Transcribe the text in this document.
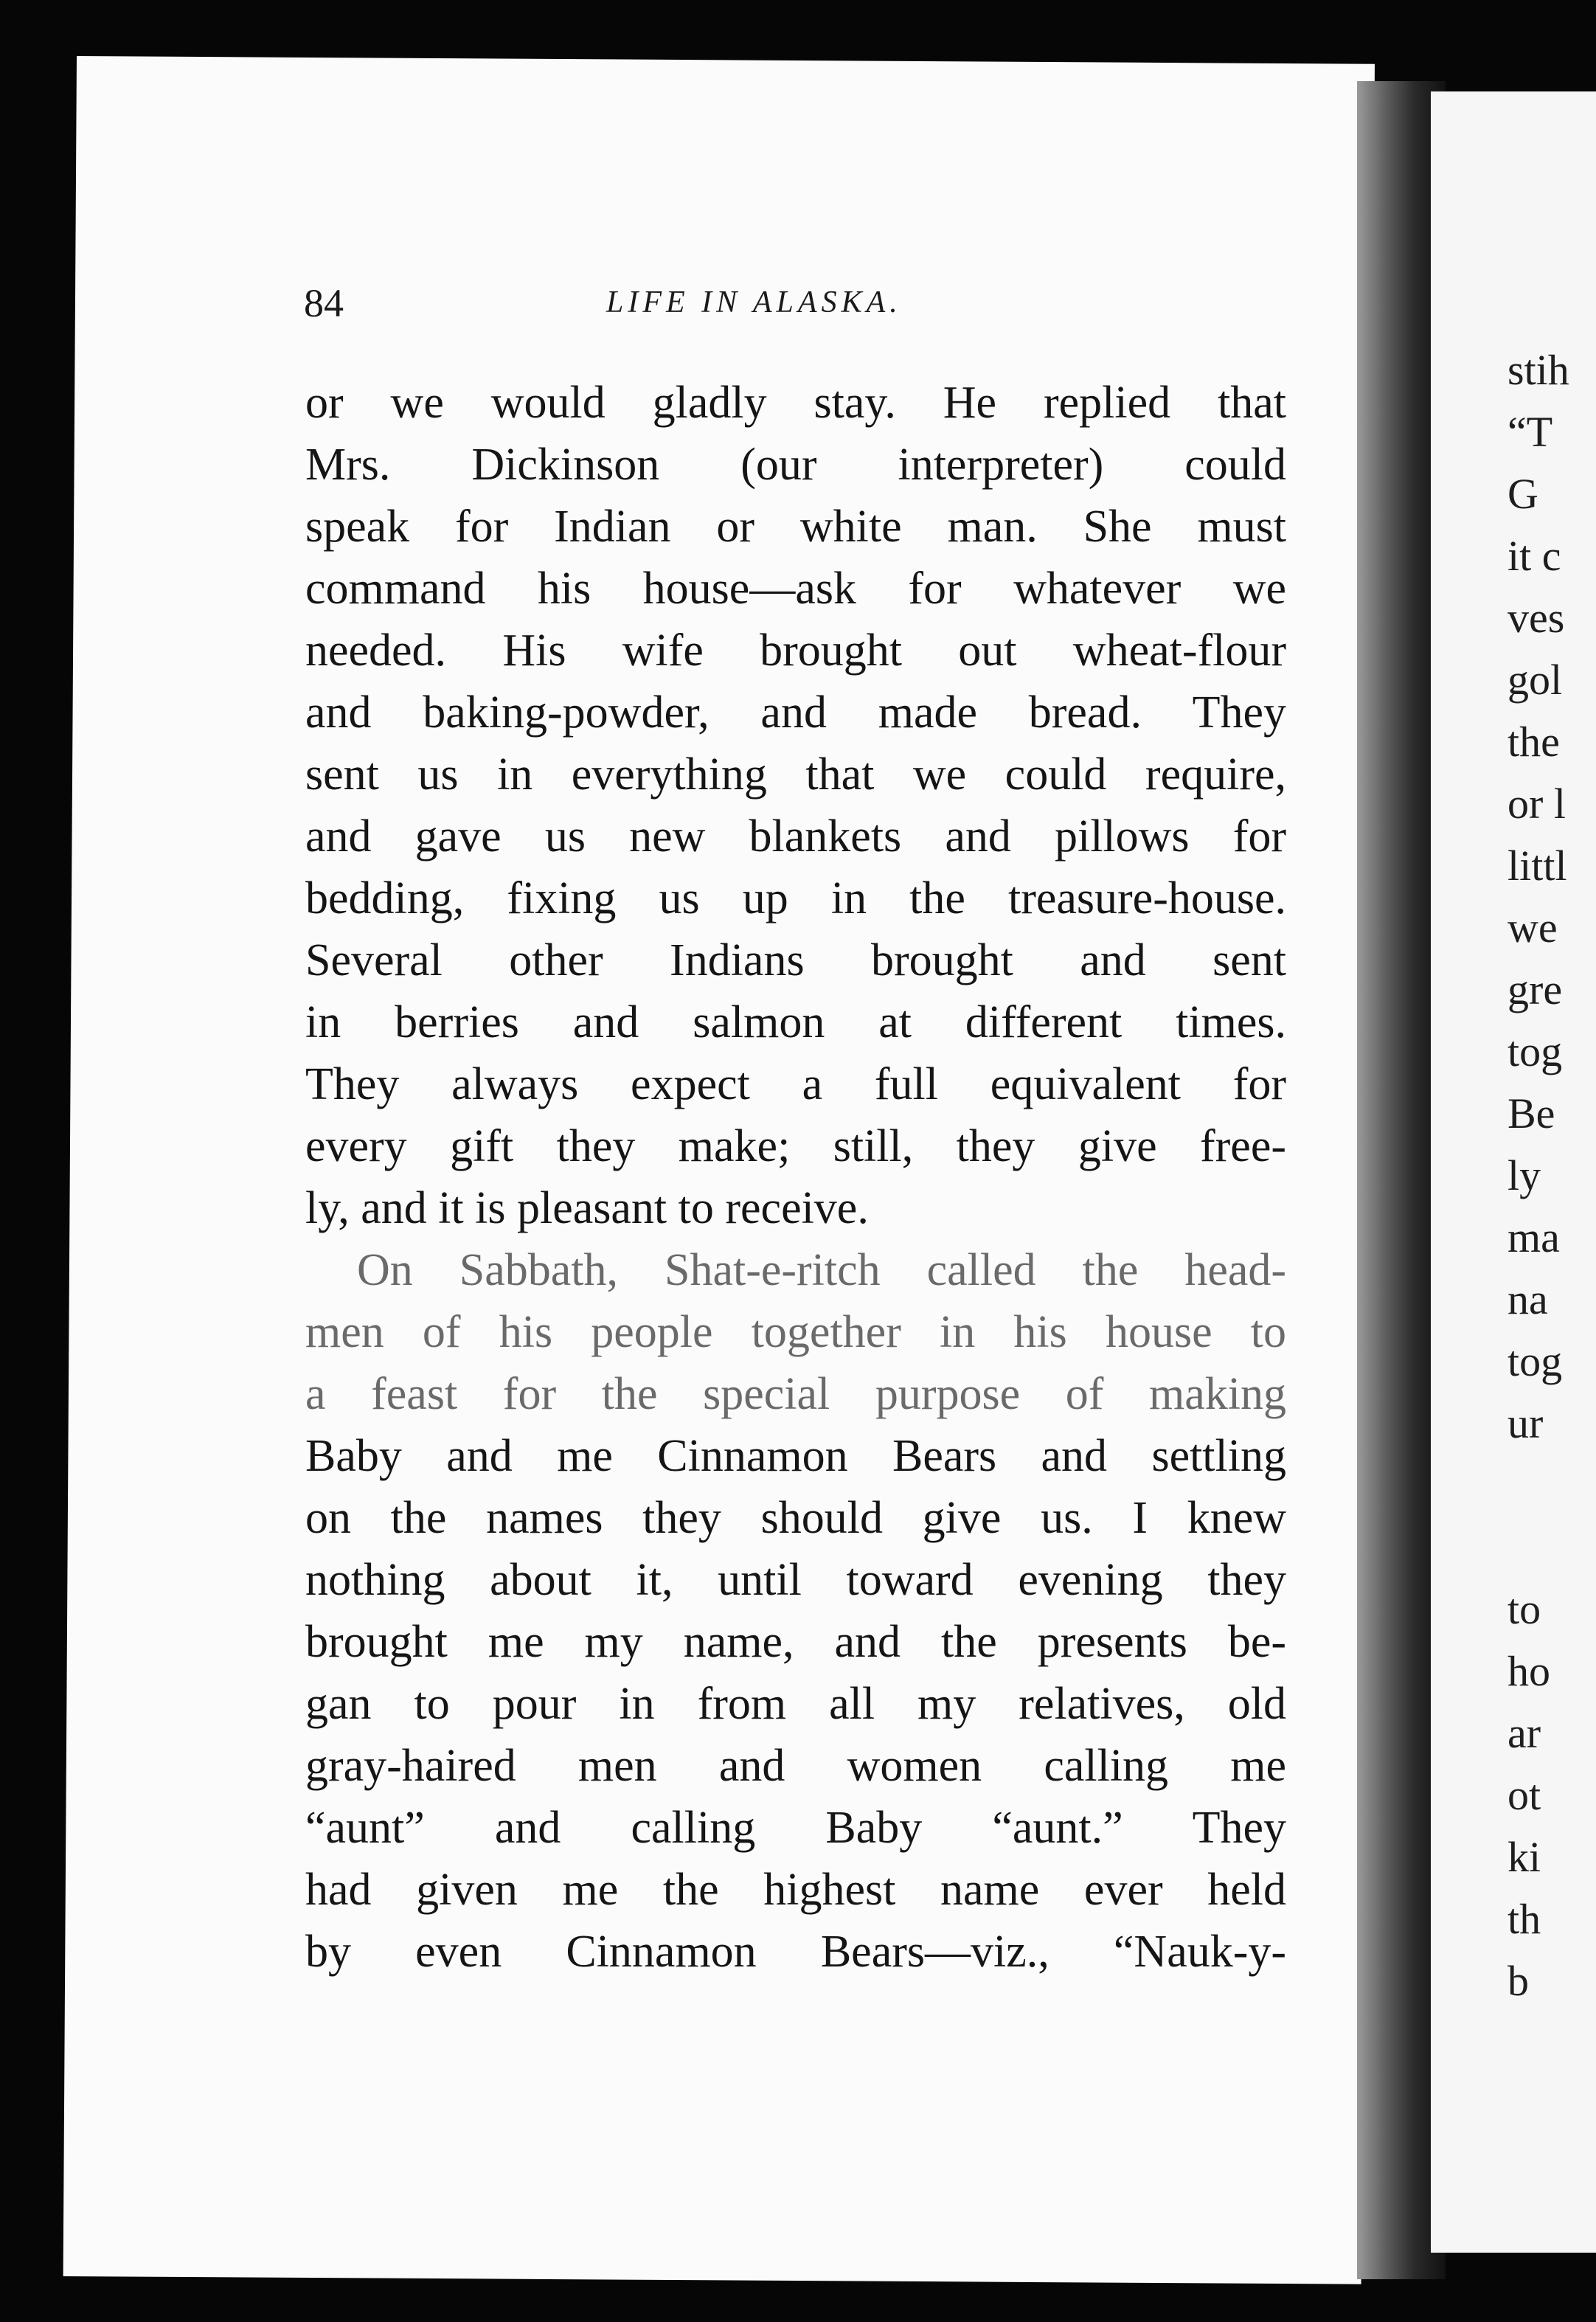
84	LIFE IN ALASKA.
or we would gladly stay. He replied that
Mrs. Dickinson (our interpreter) could
speak for Indian or white man. She must
command his house—ask for whatever we
needed. His wife brought out wheat-flour
and baking-powder, and made bread. They
sent us in everything that we could require,
and gave us new blankets and pillows for
bedding, fixing us up in the treasure-house.
Several other Indians brought and sent
in berries and salmon at different times.
They always expect a full equivalent for
every gift they make; still, they give free-
ly, and it is pleasant to receive.
On Sabbath, Shat-e-ritch called the head-
men of his people together in his house to
a feast for the special purpose of making
Baby and me Cinnamon Bears and settling
on the names they should give us. I knew
nothing about it, until toward evening they
brought me my name, and the presents be-
gan to pour in from all my relatives, old
gray-haired men and women calling me
“aunt” and calling Baby “aunt.” They
had given me the highest name ever held
by even Cinnamon Bears—viz., “Nauk-y-
stih
“T
G
it c
ves
gol
the
or l
littl
we
gre
tog
Be
ly
ma
na
tog
ur
to
ho
ar
ot
ki
th
b
